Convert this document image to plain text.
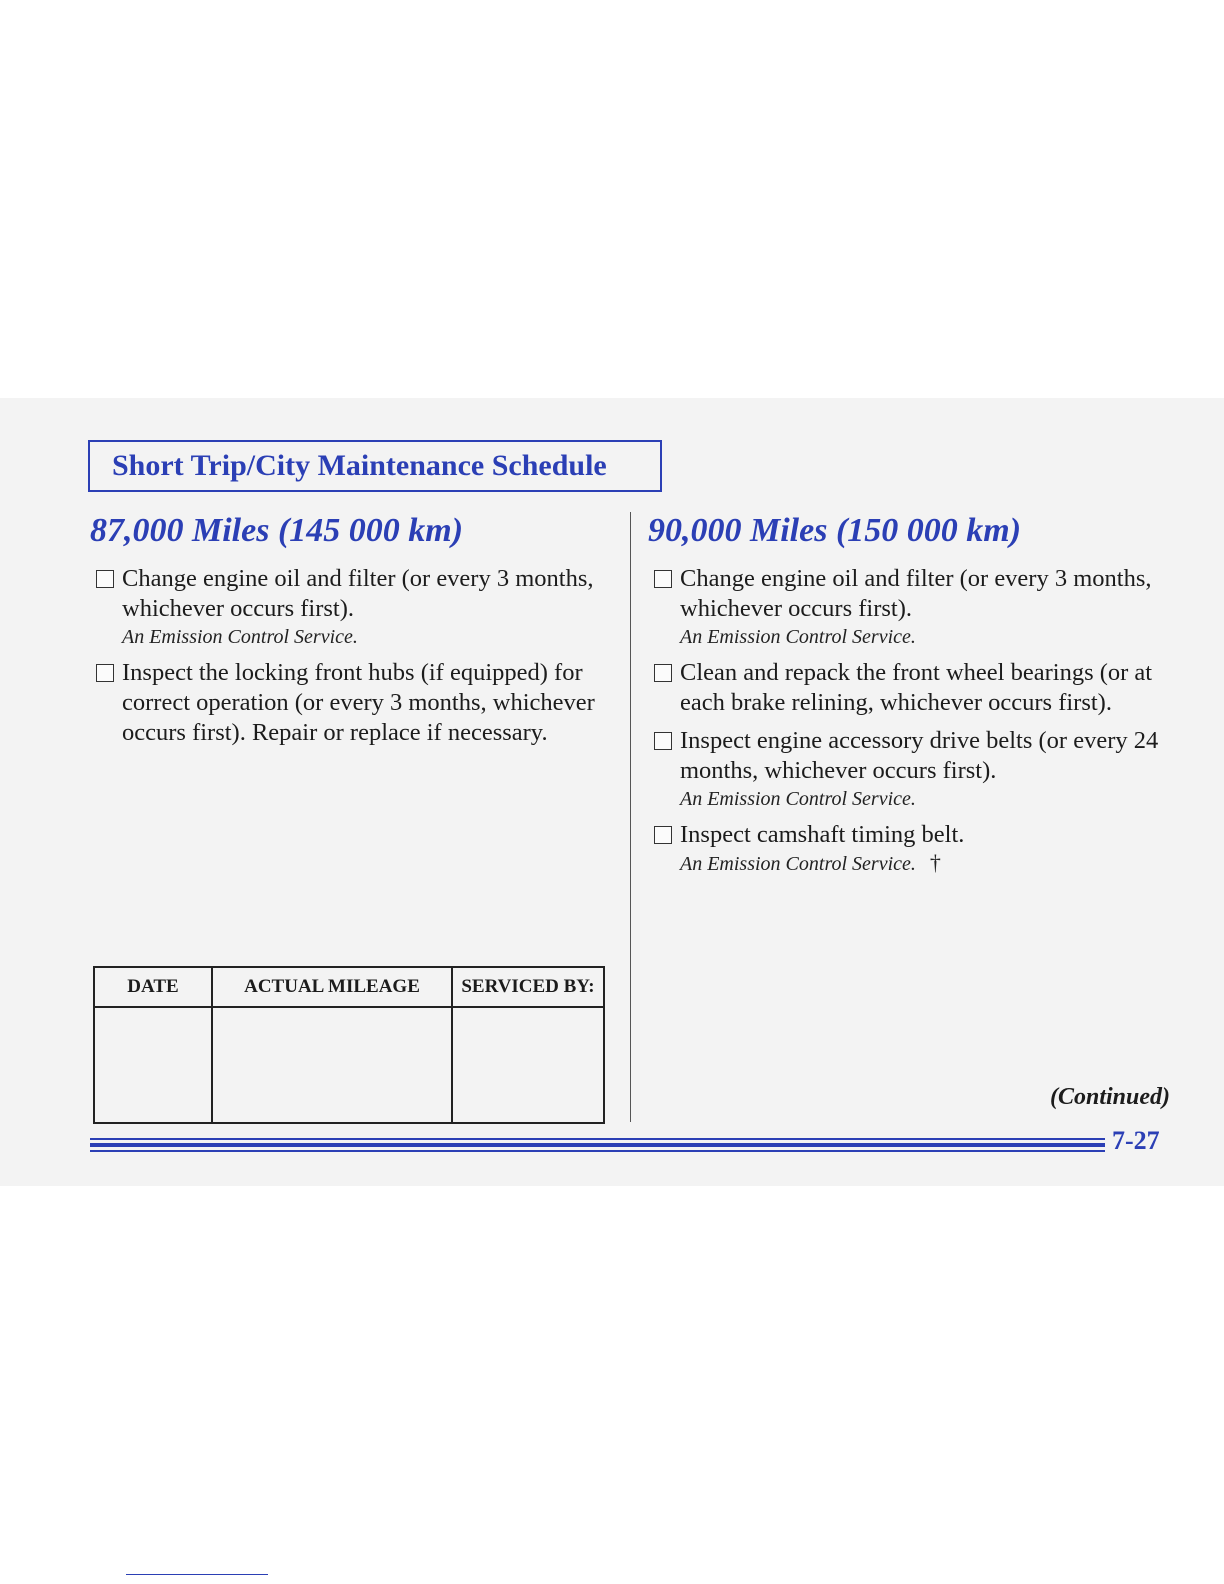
Short Trip/City Maintenance Schedule
87,000 Miles (145 000 km)
Change engine oil and filter (or every 3 months, whichever occurs first).
An Emission Control Service.
Inspect the locking front hubs (if equipped) for correct operation (or every 3 months, whichever occurs first). Repair or replace if necessary.
90,000 Miles (150 000 km)
Change engine oil and filter (or every 3 months, whichever occurs first).
An Emission Control Service.
Clean and repack the front wheel bearings (or at each brake relining, whichever occurs first).
Inspect engine accessory drive belts (or every 24 months, whichever occurs first).
An Emission Control Service.
Inspect camshaft timing belt.
An Emission Control Service. †
DATE	ACTUAL MILEAGE	SERVICED BY:

(Continued)
7-27
